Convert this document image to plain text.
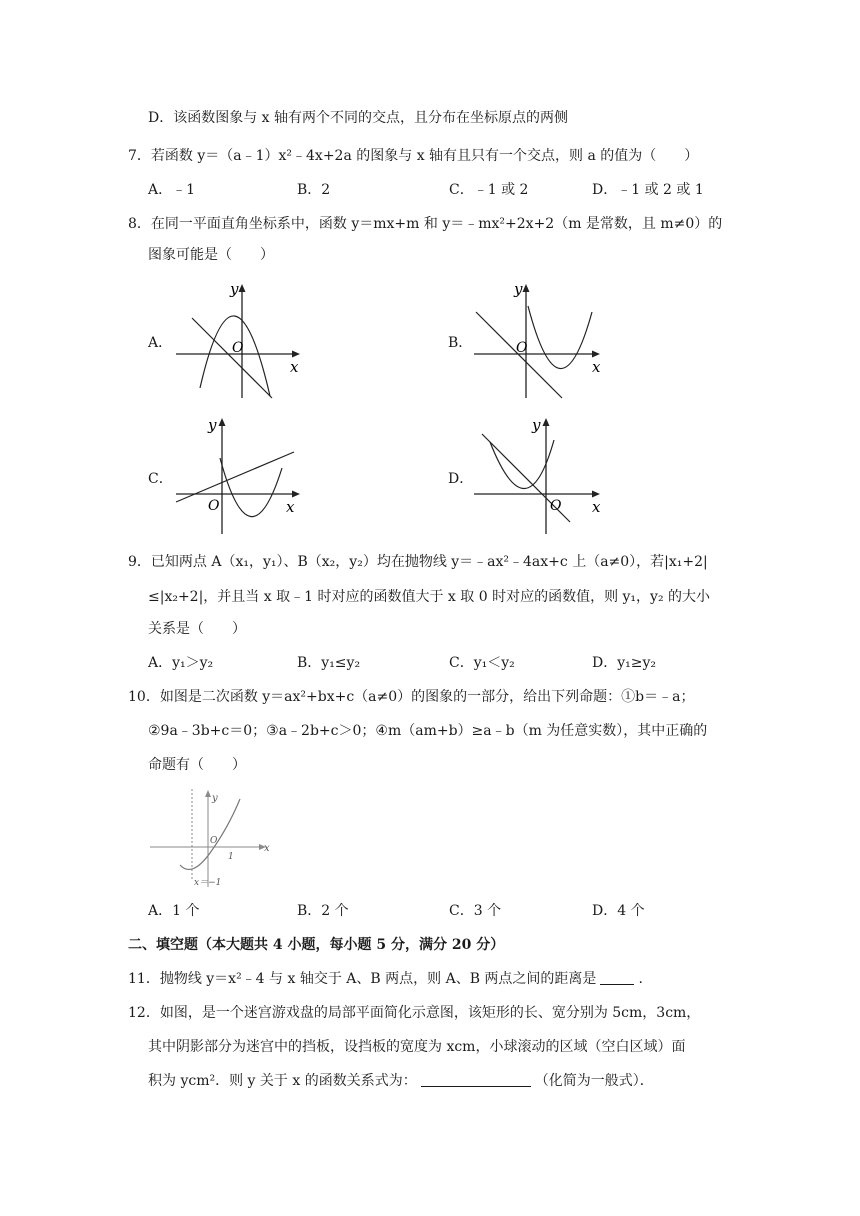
D．该函数图象与 x 轴有两个不同的交点，且分布在坐标原点的两侧
7．若函数 y＝（a﹣1）x²﹣4x+2a 的图象与 x 轴有且只有一个交点，则 a 的值为（　　）
A．﹣1	B．2	C．﹣1 或 2	D．﹣1 或 2 或 1
8．在同一平面直角坐标系中，函数 y＝mx+m 和 y＝﹣mx²+2x+2（m 是常数，且 m≠0）的
图象可能是（　　）
A．
y
x
O	B．
y
x
O
C．
y
x
O
D．
y
x
O
9．已知两点 A（x₁，y₁）、B（x₂，y₂）均在抛物线 y＝﹣ax²﹣4ax+c 上（a≠0），若|x₁+2|
≤|x₂+2|，并且当 x 取﹣1 时对应的函数值大于 x 取 0 时对应的函数值，则 y₁，y₂ 的大小
关系是（　　）
A．y₁＞y₂	B．y₁≤y₂	C．y₁＜y₂	D．y₁≥y₂
10．如图是二次函数 y＝ax²+bx+c（a≠0）的图象的一部分，给出下列命题：①b＝﹣a；
②9a﹣3b+c＝0；③a﹣2b+c＞0；④m（am+b）≥a﹣b（m 为任意实数），其中正确的
命题有（　　）
y
x
O
1
x＝−1
A．1 个	B．2 个	C．3 个	D．4 个
二、填空题（本大题共 4 小题，每小题 5 分，满分 20 分）
11．抛物线 y＝x²﹣4 与 x 轴交于 A、B 两点，则 A、B 两点之间的距离是	.
12．如图，是一个迷宫游戏盘的局部平面简化示意图，该矩形的长、宽分别为 5cm，3cm，
其中阴影部分为迷宫中的挡板，设挡板的宽度为 xcm，小球滚动的区域（空白区域）面
积为 ycm²．则 y 关于 x 的函数关系式为：	（化简为一般式）．
